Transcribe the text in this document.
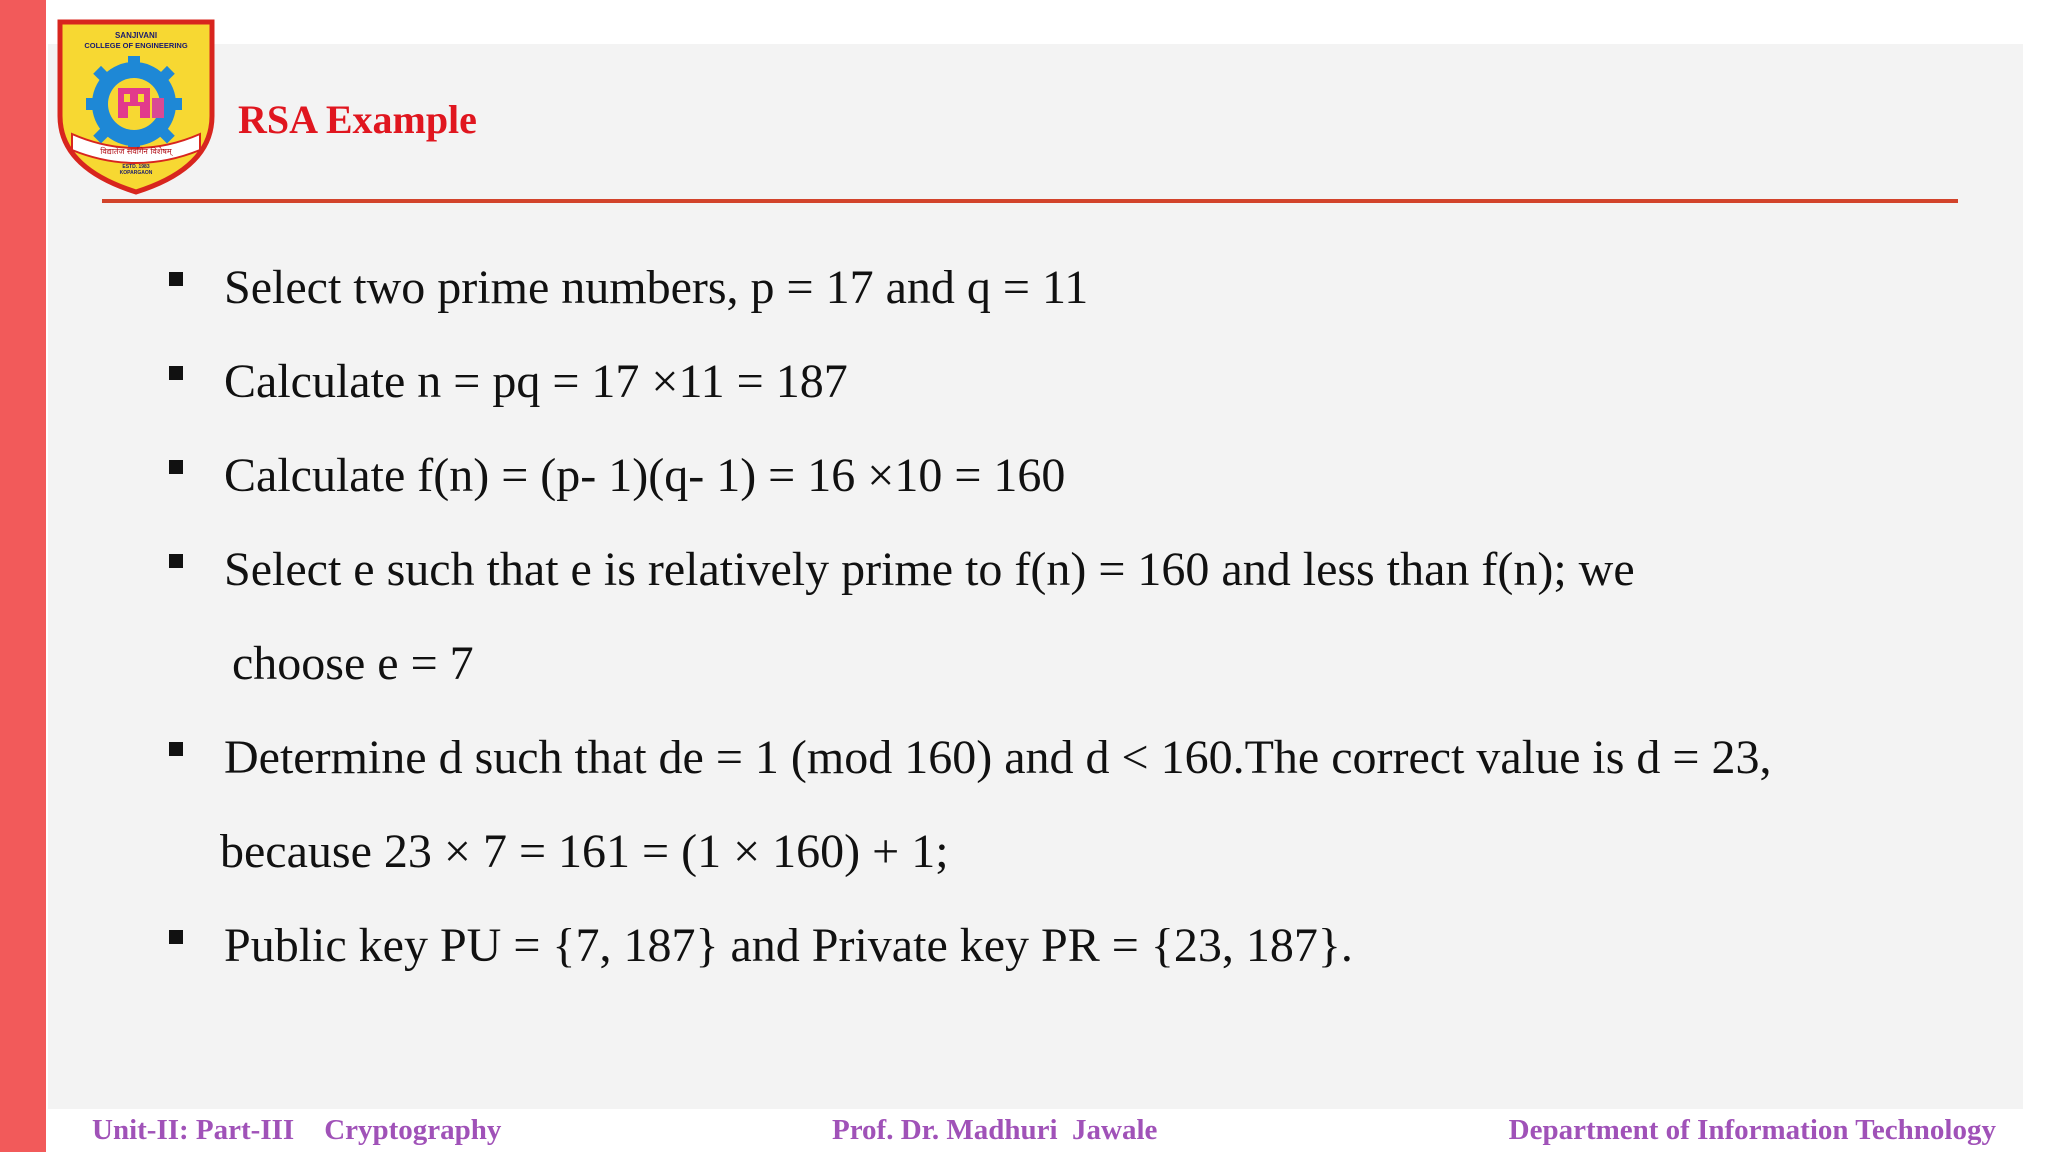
SANJIVANI
COLLEGE OF ENGINEERING
विद्यातेज सर्वांगेन विशेषम्
ESTD. 1983
KOPARGAON
RSA Example
Select two prime numbers, p = 17 and q = 11
Calculate n = pq = 17 ×11 = 187
Calculate f(n) = (p- 1)(q- 1) = 16 ×10 = 160
Select e such that e is relatively prime to f(n) = 160 and less than f(n); we
choose e = 7
Determine d such that de = 1 (mod 160) and d < 160.The correct value is d = 23,
because 23 × 7 = 161 = (1 × 160) + 1;
Public key PU = {7, 187} and Private key PR = {23, 187}.
Unit-II: Part-III Cryptography	Prof. Dr. Madhuri  Jawale	Department of Information Technology
